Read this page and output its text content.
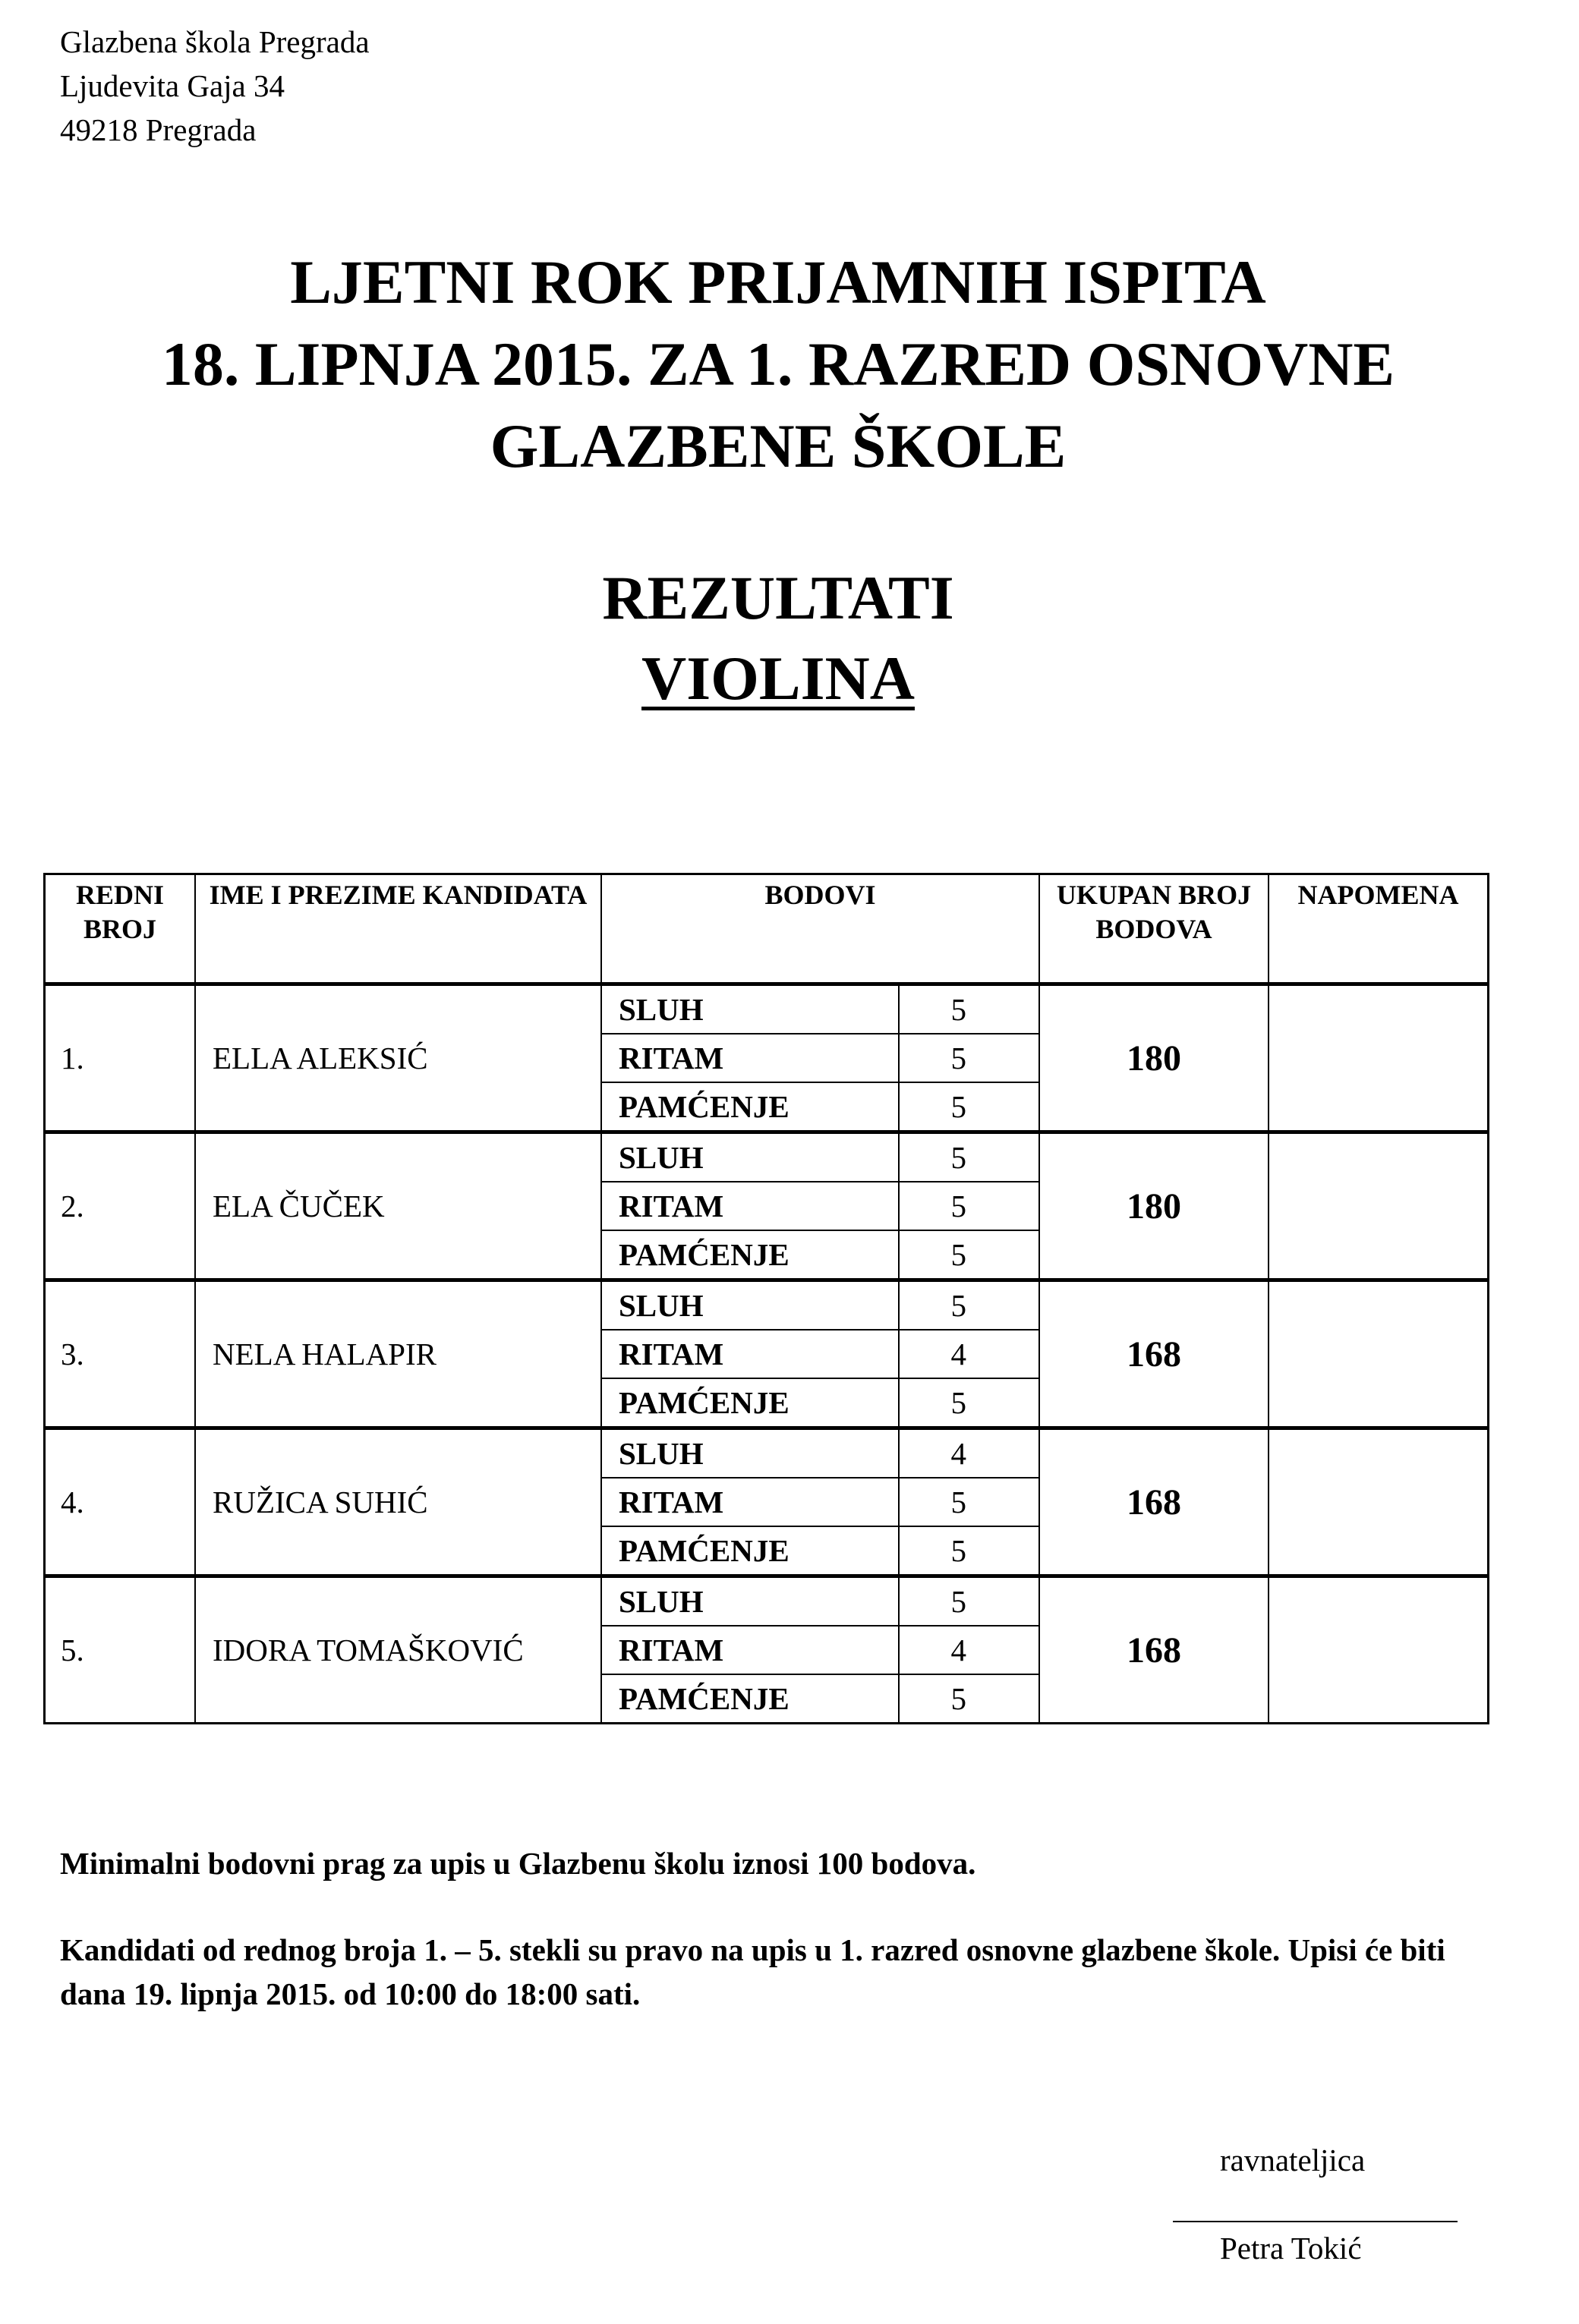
Glazbena škola Pregrada
Ljudevita Gaja 34
49218 Pregrada
LJETNI ROK PRIJAMNIH ISPITA
18. LIPNJA 2015. ZA 1. RAZRED OSNOVNE
GLAZBENE ŠKOLE
REZULTATI
VIOLINA
REDNI BROJ	IME I PREZIME KANDIDATA	BODOVI		UKUPAN BROJ BODOVA	NAPOMENA
1.	ELLA ALEKSIĆ	SLUH	5	180	
		RITAM	5		
		PAMĆENJE	5		
2.	ELA ČUČEK	SLUH	5	180	
		RITAM	5		
		PAMĆENJE	5		
3.	NELA HALAPIR	SLUH	5	168	
		RITAM	4		
		PAMĆENJE	5		
4.	RUŽICA SUHIĆ	SLUH	4	168	
		RITAM	5		
		PAMĆENJE	5		
5.	IDORA TOMAŠKOVIĆ	SLUH	5	168	
		RITAM	4		
		PAMĆENJE	5		
Minimalni bodovni prag za upis u Glazbenu školu iznosi 100 bodova.
Kandidati od rednog broja 1. – 5. stekli su pravo na upis u 1. razred osnovne glazbene škole. Upisi će biti dana 19. lipnja 2015. od 10:00 do 18:00 sati.
ravnateljica
Petra Tokić
